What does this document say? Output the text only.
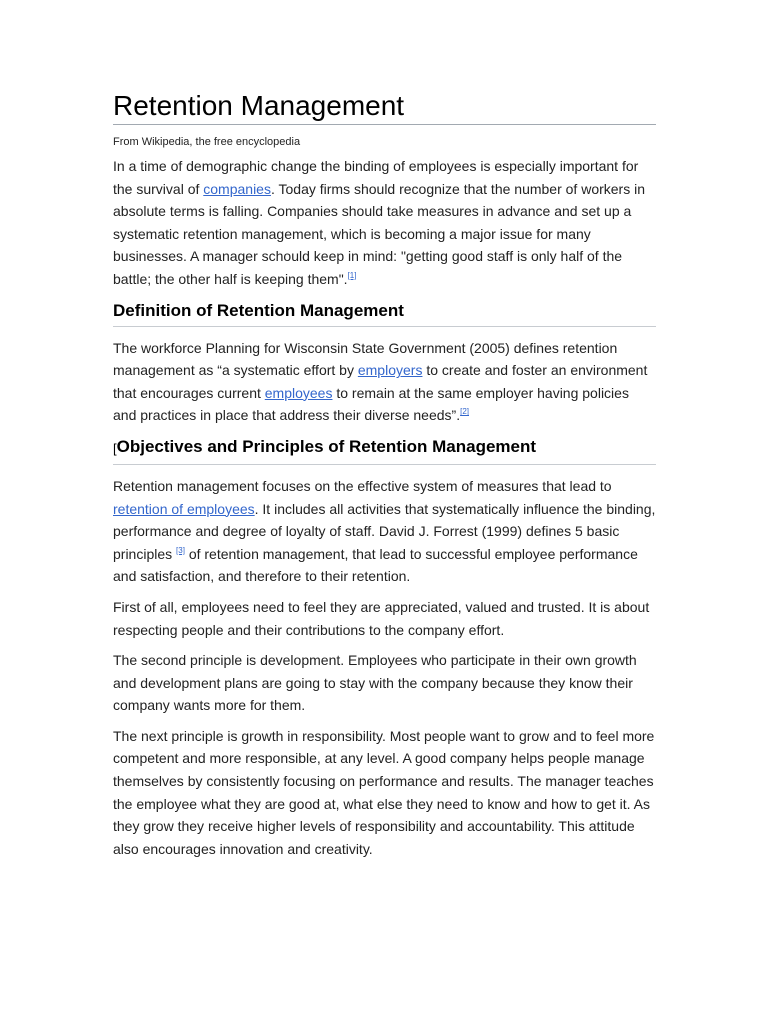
Retention Management
From Wikipedia, the free encyclopedia

In a time of demographic change the binding of employees is especially important for the survival of companies. Today firms should recognize that the number of workers in absolute terms is falling. Companies should take measures in advance and set up a systematic retention management, which is becoming a major issue for many businesses. A manager schould keep in mind: "getting good staff is only half of the battle; the other half is keeping them".[1]

Definition of Retention Management

The workforce Planning for Wisconsin State Government (2005) defines retention management as “a systematic effort by employers to create and foster an environment that encourages current employees to remain at the same employer having policies and practices in place that address their diverse needs”.[2]

[Objectives and Principles of Retention Management

Retention management focuses on the effective system of measures that lead to retention of employees. It includes all activities that systematically influence the binding, performance and degree of loyalty of staff. David J. Forrest (1999) defines 5 basic principles [3] of retention management, that lead to successful employee performance and satisfaction, and therefore to their retention.

First of all, employees need to feel they are appreciated, valued and trusted. It is about respecting people and their contributions to the company effort.

The second principle is development. Employees who participate in their own growth and development plans are going to stay with the company because they know their company wants more for them.

The next principle is growth in responsibility. Most people want to grow and to feel more competent and more responsible, at any level. A good company helps people manage themselves by consistently focusing on performance and results. The manager teaches the employee what they are good at, what else they need to know and how to get it. As they grow they receive higher levels of responsibility and accountability. This attitude also encourages innovation and creativity.
